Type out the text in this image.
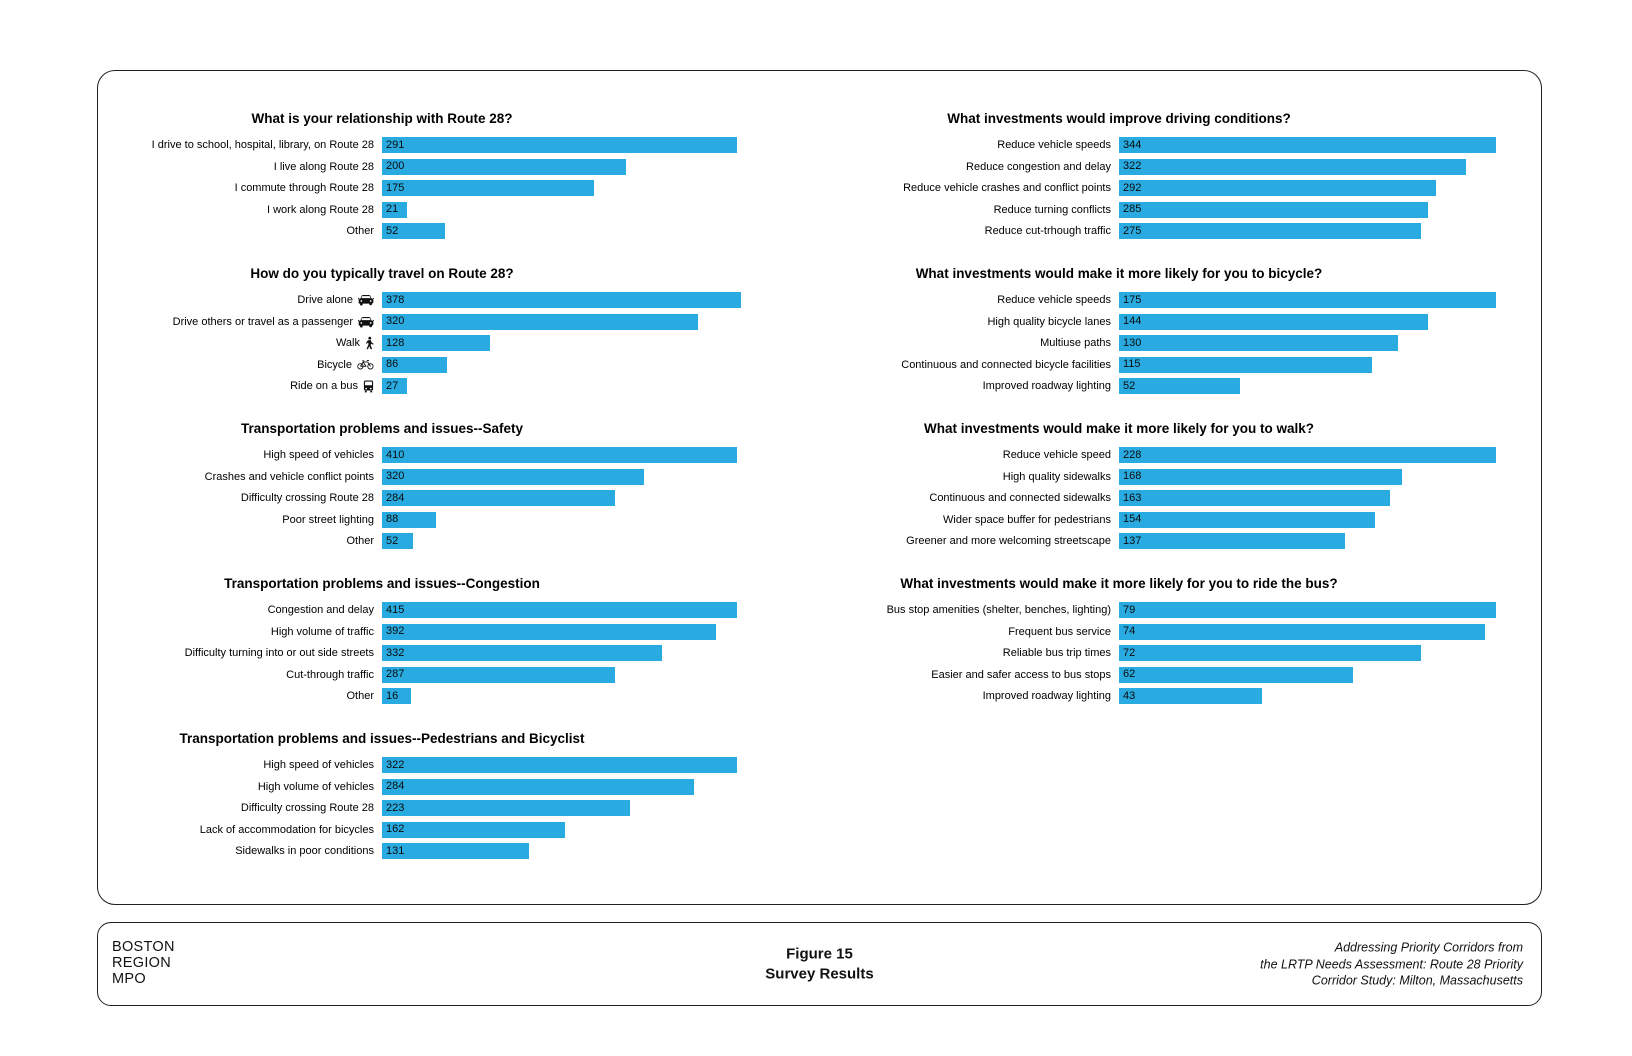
What is your relationship with Route 28?
I drive to school, hospital, library, on Route 28 291
I live along Route 28 200
I commute through Route 28 175
I work along Route 28 21
Other 52
How do you typically travel on Route 28?
Drive alone	378
Drive others or travel as a passenger	320
Walk 128
Bicycle	86
Ride on a bus	27
Transportation problems and issues--Safety
High speed of vehicles 410
Crashes and vehicle conflict points 320
Difficulty crossing Route 28 284
Poor street lighting 88
Other 52
Transportation problems and issues--Congestion
Congestion and delay 415
High volume of traffic 392
Difficulty turning into or out side streets 332
Cut-through traffic 287
Other 16
Transportation problems and issues--Pedestrians and Bicyclist
High speed of vehicles 322
High volume of vehicles 284
Difficulty crossing Route 28 223
Lack of accommodation for bicycles 162
Sidewalks in poor conditions 131
What investments would improve driving conditions?
Reduce vehicle speeds 344
Reduce congestion and delay 322
Reduce vehicle crashes and conflict points 292
Reduce turning conflicts 285
Reduce cut-trhough traffic 275
What investments would make it more likely for you to bicycle?
Reduce vehicle speeds 175
High quality bicycle lanes 144
Multiuse paths 130
Continuous and connected bicycle facilities 115
Improved roadway lighting 52
What investments would make it more likely for you to walk?
Reduce vehicle speed 228
High quality sidewalks 168
Continuous and connected sidewalks 163
Wider space buffer for pedestrians 154
Greener and more welcoming streetscape 137
What investments would make it more likely for you to ride the bus?
Bus stop amenities (shelter, benches, lighting) 79
Frequent bus service 74
Reliable bus trip times 72
Easier and safer access to bus stops 62
Improved roadway lighting 43
BOSTON
REGION
MPO
Figure 15
Survey Results
Addressing Priority Corridors from
the LRTP Needs Assessment: Route 28 Priority
Corridor Study: Milton, Massachusetts
